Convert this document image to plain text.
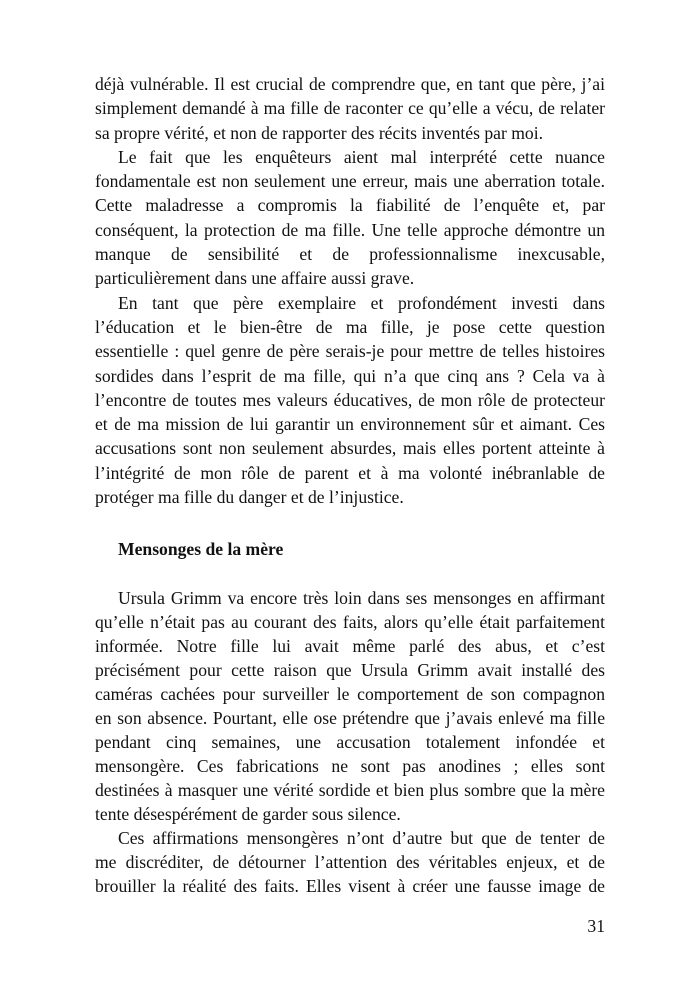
déjà vulnérable. Il est crucial de comprendre que, en tant que père, j’ai
simplement demandé à ma fille de raconter ce qu’elle a vécu, de relater
sa propre vérité, et non de rapporter des récits inventés par moi.
Le fait que les enquêteurs aient mal interprété cette nuance
fondamentale est non seulement une erreur, mais une aberration totale.
Cette maladresse a compromis la fiabilité de l’enquête et, par
conséquent, la protection de ma fille. Une telle approche démontre un
manque de sensibilité et de professionnalisme inexcusable,
particulièrement dans une affaire aussi grave.
En tant que père exemplaire et profondément investi dans
l’éducation et le bien-être de ma fille, je pose cette question
essentielle : quel genre de père serais-je pour mettre de telles histoires
sordides dans l’esprit de ma fille, qui n’a que cinq ans ? Cela va à
l’encontre de toutes mes valeurs éducatives, de mon rôle de protecteur
et de ma mission de lui garantir un environnement sûr et aimant. Ces
accusations sont non seulement absurdes, mais elles portent atteinte à
l’intégrité de mon rôle de parent et à ma volonté inébranlable de
protéger ma fille du danger et de l’injustice.
Mensonges de la mère
Ursula Grimm va encore très loin dans ses mensonges en affirmant
qu’elle n’était pas au courant des faits, alors qu’elle était parfaitement
informée. Notre fille lui avait même parlé des abus, et c’est
précisément pour cette raison que Ursula Grimm avait installé des
caméras cachées pour surveiller le comportement de son compagnon
en son absence. Pourtant, elle ose prétendre que j’avais enlevé ma fille
pendant cinq semaines, une accusation totalement infondée et
mensongère. Ces fabrications ne sont pas anodines ; elles sont
destinées à masquer une vérité sordide et bien plus sombre que la mère
tente désespérément de garder sous silence.
Ces affirmations mensongères n’ont d’autre but que de tenter de
me discréditer, de détourner l’attention des véritables enjeux, et de
brouiller la réalité des faits. Elles visent à créer une fausse image de
31
